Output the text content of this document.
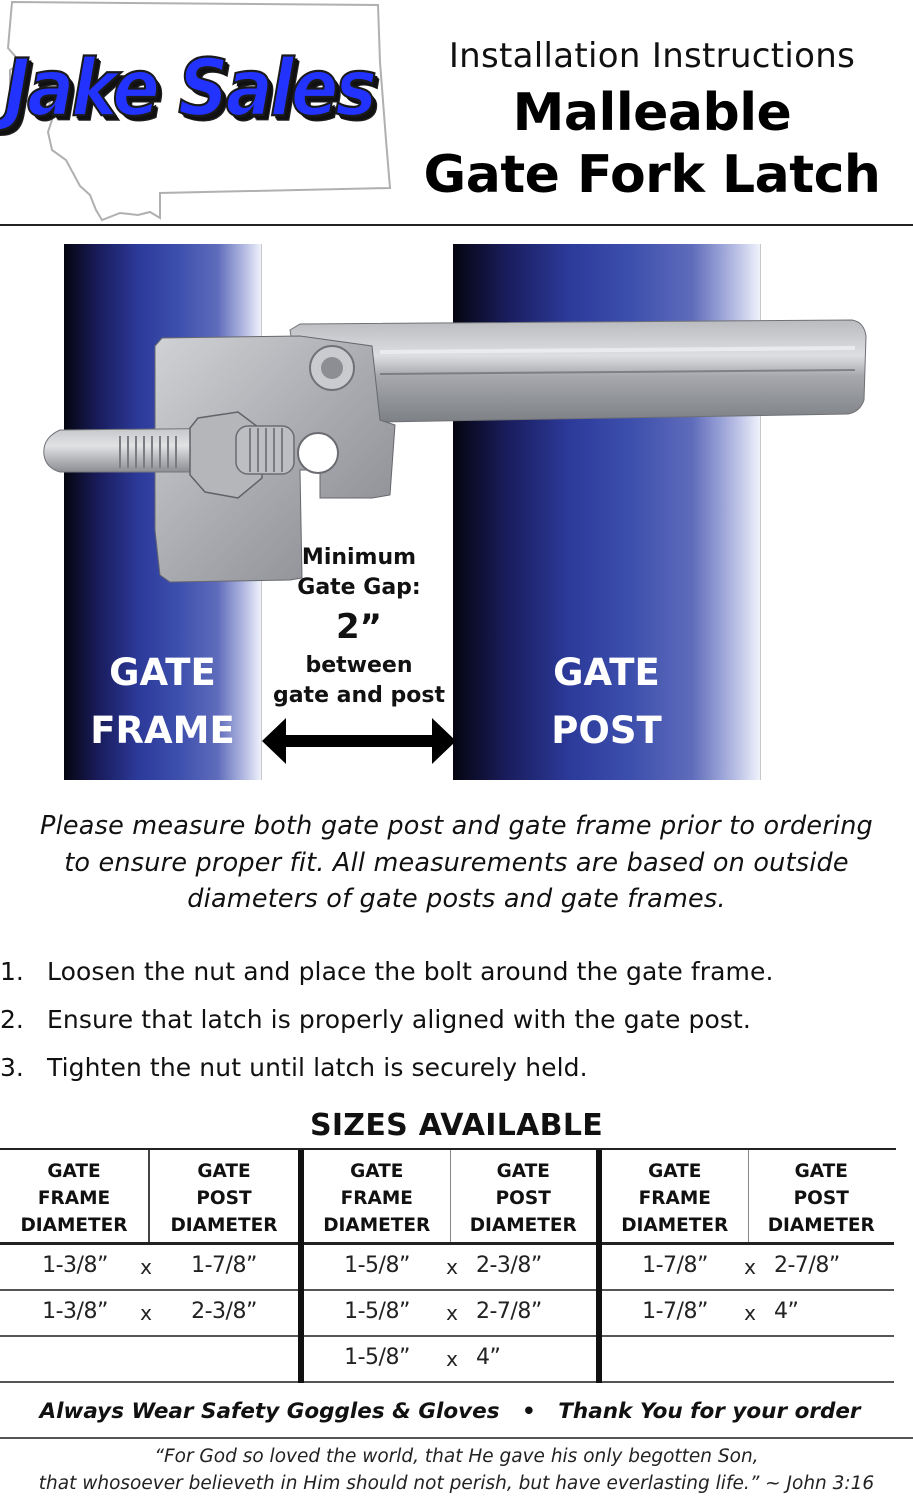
Jake Sales	Installation Instructions
Malleable
Gate Fork Latch
GATE
FRAME
GATE
POST
Minimum
Gate Gap:
2”
between
gate and post
Please measure both gate post and gate frame prior to ordering
to ensure proper fit. All measurements are based on outside
diameters of gate posts and gate frames.
1. Loosen the nut and place the bolt around the gate frame.
2. Ensure that latch is properly aligned with the gate post.
3. Tighten the nut until latch is securely held.
SIZES AVAILABLE
GATE
FRAME
DIAMETER
GATE
POST
DIAMETER
1-3/8”	x	1-7/8”
1-3/8”	x	2-3/8”
GATE
FRAME
DIAMETER
GATE
POST
DIAMETER
1-5/8”	x 2-3/8”
1-5/8”	x 2-7/8”
1-5/8”	x 4”
GATE
FRAME
DIAMETER
GATE
POST
DIAMETER
1-7/8”	x 2-7/8”
1-7/8”	x 4”
Always Wear Safety Goggles & Gloves • Thank You for your order
“For God so loved the world, that He gave his only begotten Son,
that whosoever believeth in Him should not perish, but have everlasting life.” ~ John 3:16
